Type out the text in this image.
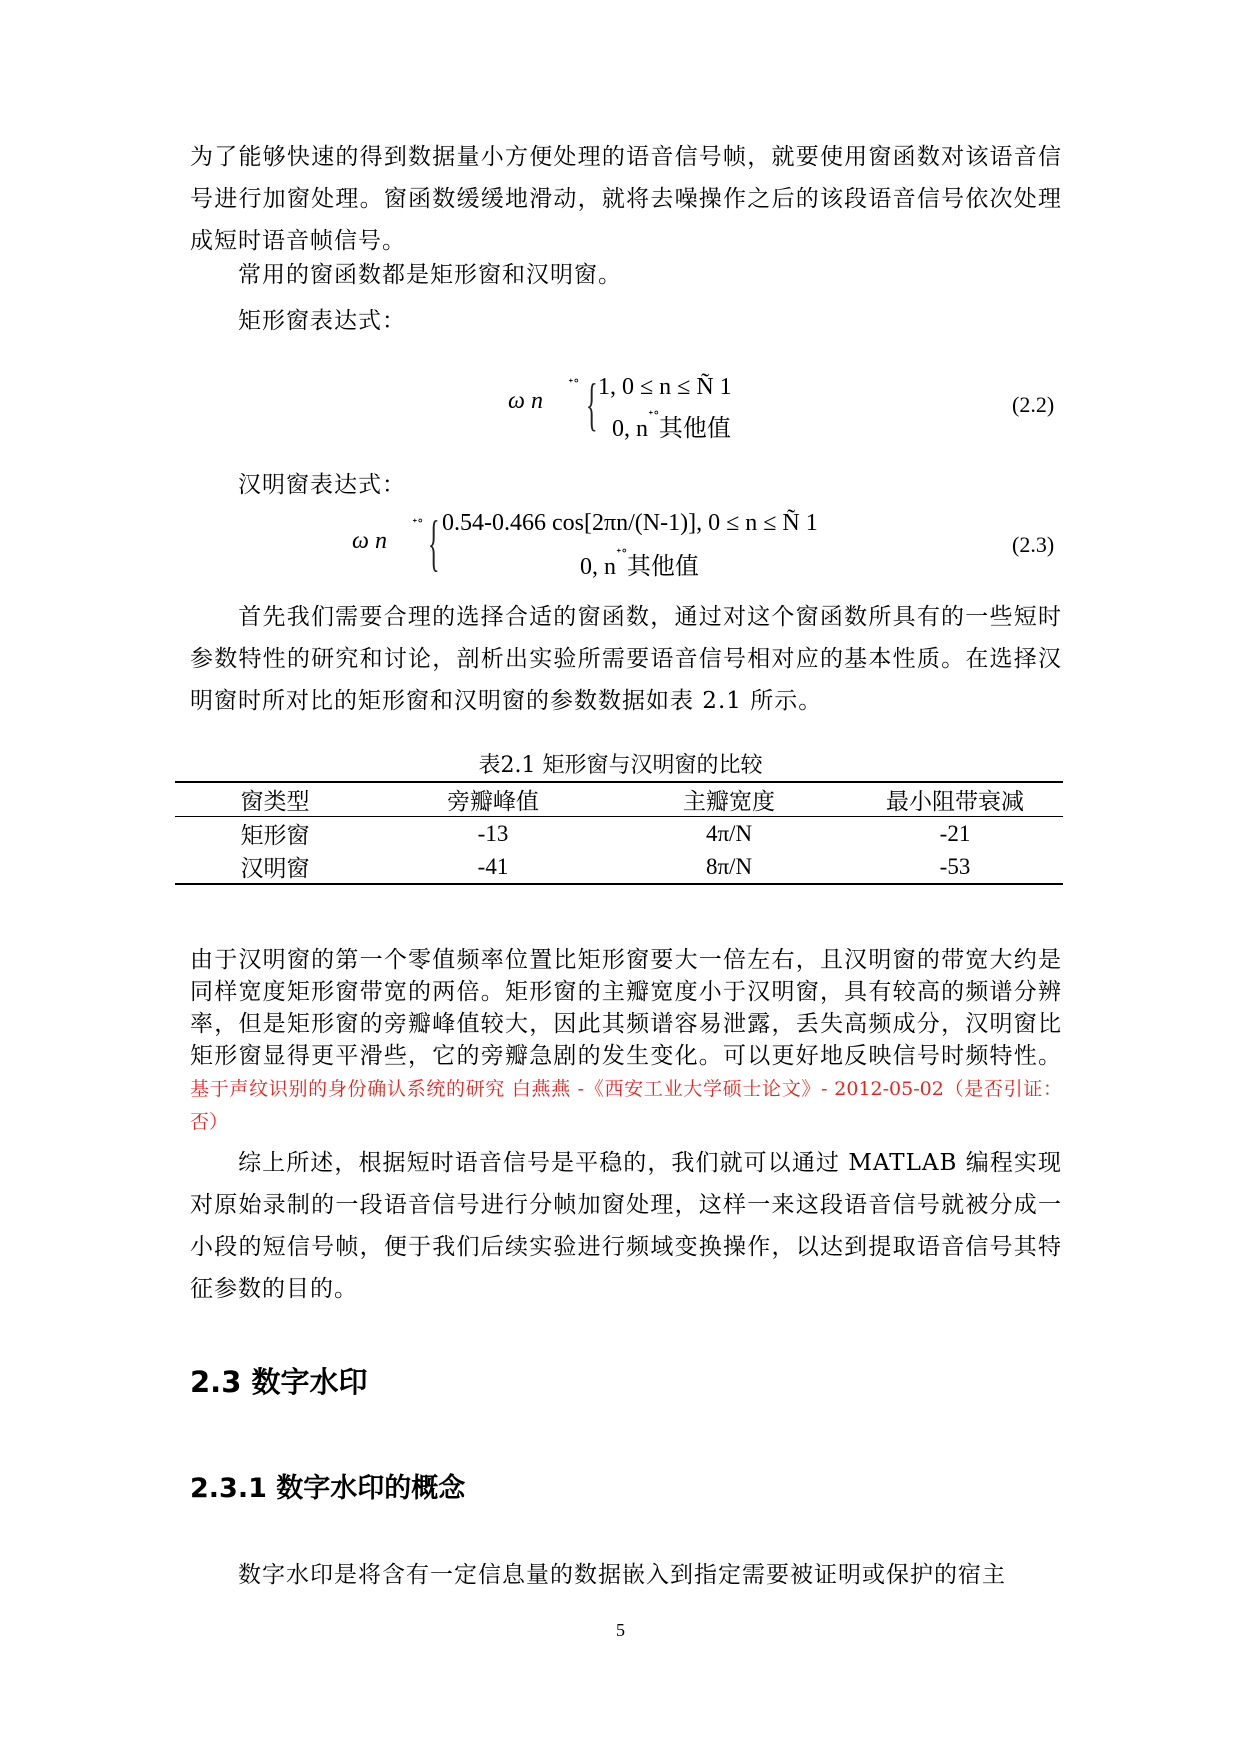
为了能够快速的得到数据量小方便处理的语音信号帧，就要使用窗函数对该语音信号进行加窗处理。窗函数缓缓地滑动，就将去噪操作之后的该段语音信号依次处理成短时语音帧信号。

常用的窗函数都是矩形窗和汉明窗。
矩形窗表达式：
ω n
ᐩᐤ { 1, 0 ≤ n ≤ Ñ 1
0, $n^{ᐩᐤ}$其他值
(2.2)
汉明窗表达式：
ω n
ᐩᐤ { 0.54-0.466 cos[2πn/(N-1)], 0 ≤ n ≤ Ñ 1
0, $n^{ᐩᐤ}$其他值
(2.3)

首先我们需要合理的选择合适的窗函数，通过对这个窗函数所具有的一些短时参数特性的研究和讨论，剖析出实验所需要语音信号相对应的基本性质。在选择汉明窗时所对比的矩形窗和汉明窗的参数数据如表 2.1 所示。

表2.1 矩形窗与汉明窗的比较
窗类型	旁瓣峰值	主瓣宽度	最小阻带衰减
矩形窗	-13	4π/N	-21
汉明窗	-41	8π/N	-53

由于汉明窗的第一个零值频率位置比矩形窗要大一倍左右，且汉明窗的带宽大约是同样宽度矩形窗带宽的两倍。矩形窗的主瓣宽度小于汉明窗，具有较高的频谱分辨率，但是矩形窗的旁瓣峰值较大，因此其频谱容易泄露，丢失高频成分，汉明窗比矩形窗显得更平滑些，它的旁瓣急剧的发生变化。可以更好地反映信号时频特性。基于声纹识别的身份确认系统的研究 白燕燕 -《西安工业大学硕士论文》- 2012-05-02（是否引证：否）

综上所述，根据短时语音信号是平稳的，我们就可以通过 MATLAB 编程实现对原始录制的一段语音信号进行分帧加窗处理，这样一来这段语音信号就被分成一小段的短信号帧，便于我们后续实验进行频域变换操作，以达到提取语音信号其特征参数的目的。

2.3 数字水印
2.3.1 数字水印的概念
数字水印是将含有一定信息量的数据嵌入到指定需要被证明或保护的宿主
5
